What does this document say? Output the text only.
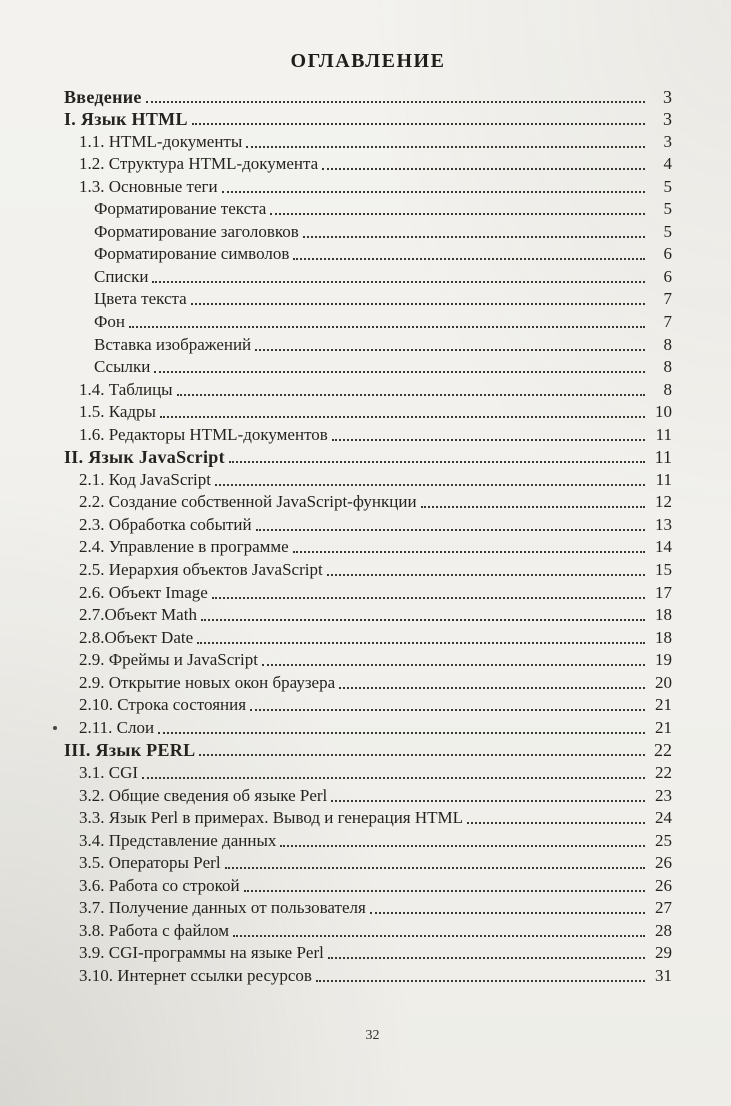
ОГЛАВЛЕНИЕ
Введение	3
I. Язык HTML	3
1.1. HTML-документы	3
1.2. Структура HTML-документа	4
1.3. Основные теги	5
Форматирование текста	5
Форматирование заголовков	5
Форматирование символов	6
Списки	6
Цвета текста	7
Фон	7
Вставка изображений	8
Ссылки	8
1.4. Таблицы	8
1.5. Кадры	10
1.6. Редакторы HTML-документов	11
II. Язык JavaScript	11
2.1. Код JavaScript	11
2.2. Создание собственной JavaScript-функции	12
2.3. Обработка событий	13
2.4. Управление в программе	14
2.5. Иерархия объектов JavaScript	15
2.6. Объект Image	17
2.7.Объект Math	18
2.8.Объект Date	18
2.9. Фреймы и JavaScript	19
2.9. Открытие новых окон браузера	20
2.10. Строка состояния	21
2.11. Слои	21
III. Язык PERL	22
3.1. CGI	22
3.2. Общие сведения об языке Perl	23
3.3. Язык Perl в примерах. Вывод и генерация HTML	24
3.4. Представление данных	25
3.5. Операторы Perl	26
3.6. Работа со строкой	26
3.7. Получение данных от пользователя	27
3.8. Работа с файлом	28
3.9. CGI-программы на языке Perl	29
3.10. Интернет ссылки ресурсов	31
32
